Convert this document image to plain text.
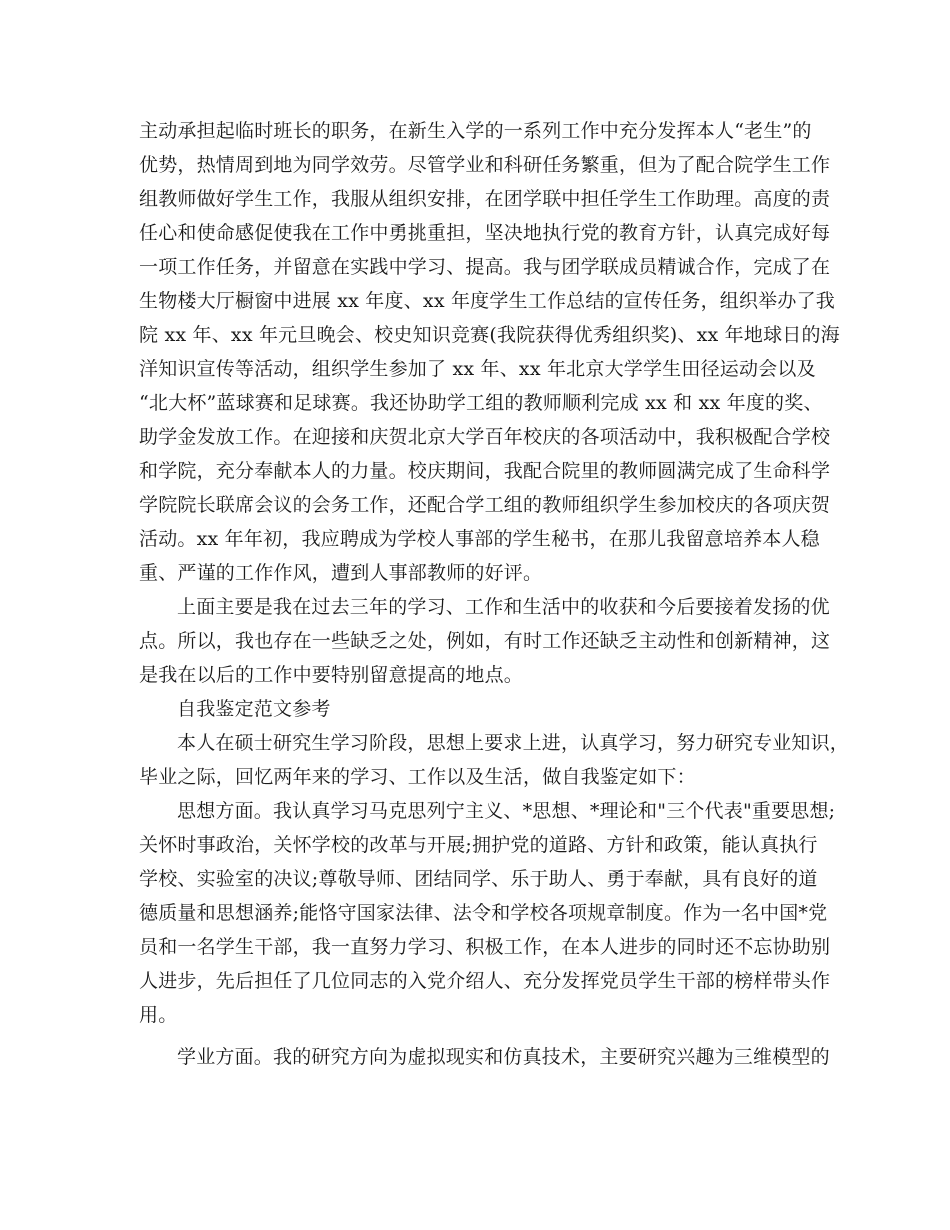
主动承担起临时班长的职务，在新生入学的一系列工作中充分发挥本人“老生”的
优势，热情周到地为同学效劳。尽管学业和科研任务繁重，但为了配合院学生工作
组教师做好学生工作，我服从组织安排，在团学联中担任学生工作助理。高度的责
任心和使命感促使我在工作中勇挑重担，坚决地执行党的教育方针，认真完成好每
一项工作任务，并留意在实践中学习、提高。我与团学联成员精诚合作，完成了在
生物楼大厅橱窗中进展 xx 年度、xx 年度学生工作总结的宣传任务，组织举办了我
院 xx 年、xx 年元旦晚会、校史知识竞赛(我院获得优秀组织奖)、xx 年地球日的海
洋知识宣传等活动，组织学生参加了 xx 年、xx 年北京大学学生田径运动会以及
“北大杯”蓝球赛和足球赛。我还协助学工组的教师顺利完成 xx 和 xx 年度的奖、
助学金发放工作。在迎接和庆贺北京大学百年校庆的各项活动中，我积极配合学校
和学院，充分奉献本人的力量。校庆期间，我配合院里的教师圆满完成了生命科学
学院院长联席会议的会务工作，还配合学工组的教师组织学生参加校庆的各项庆贺
活动。xx 年年初，我应聘成为学校人事部的学生秘书，在那儿我留意培养本人稳
重、严谨的工作作风，遭到人事部教师的好评。
上面主要是我在过去三年的学习、工作和生活中的收获和今后要接着发扬的优
点。所以，我也存在一些缺乏之处，例如，有时工作还缺乏主动性和创新精神，这
是我在以后的工作中要特别留意提高的地点。
自我鉴定范文参考
本人在硕士研究生学习阶段，思想上要求上进，认真学习，努力研究专业知识，
毕业之际，回忆两年来的学习、工作以及生活，做自我鉴定如下：
思想方面。我认真学习马克思列宁主义、*思想、*理论和"三个代表"重要思想;
关怀时事政治，关怀学校的改革与开展;拥护党的道路、方针和政策，能认真执行
学校、实验室的决议;尊敬导师、团结同学、乐于助人、勇于奉献，具有良好的道
德质量和思想涵养;能恪守国家法律、法令和学校各项规章制度。作为一名中国*党
员和一名学生干部，我一直努力学习、积极工作，在本人进步的同时还不忘协助别
人进步，先后担任了几位同志的入党介绍人、充分发挥党员学生干部的榜样带头作
用。
学业方面。我的研究方向为虚拟现实和仿真技术，主要研究兴趣为三维模型的
